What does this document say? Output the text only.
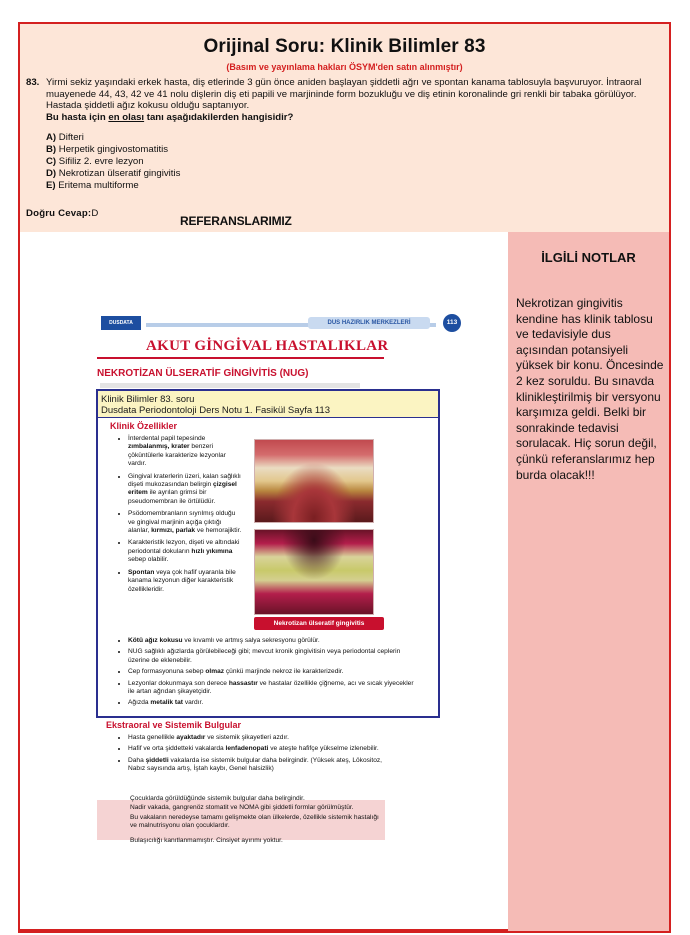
Orijinal Soru: Klinik Bilimler 83
(Basım ve yayınlama hakları ÖSYM'den satın alınmıştır)
83. Yirmi sekiz yaşındaki erkek hasta, diş etlerinde 3 gün önce aniden başlayan şiddetli ağrı ve spontan kanama tablosuyla başvuruyor. İntraoral muayenede 44, 43, 42 ve 41 nolu dişlerin diş eti papili ve marjininde form bozukluğu ve diş etinin koronalinde gri renkli bir tabaka görülüyor. Hastada şiddetli ağız kokusu olduğu saptanıyor.
Bu hasta için en olası tanı aşağıdakilerden hangisidir?
A) Difteri
B) Herpetik gingivostomatitis
C) Sifiliz 2. evre lezyon
D) Nekrotizan ülseratif gingivitis
E) Eritema multiforme
Doğru Cevap:D
İLGİLİ NOTLAR
Nekrotizan gingivitis kendine has klinik tablosu ve tedavisiyle dus açısından potansiyeli yüksek bir konu. Öncesinde 2 kez soruldu. Bu sınavda klinikleştirilmiş bir versyonu karşımıza geldi. Belki bir sonrakinde tedavisi sorulacak. Hiç sorun değil, çünkü referanslarımız hep burda olacak!!!
REFERANSLARIMIZ
DUSDATA	DUS HAZIRLIK MERKEZLERİ	113
AKUT GİNGİVAL HASTALIKLAR
NEKROTİZAN ÜLSERATİF GİNGİVİTİS (NUG)
Klinik Bilimler 83. soru
Dusdata Periodontoloji Ders Notu 1. Fasikül Sayfa 113
Klinik Özellikler
• İnterdental papil tepesinde zımbalanmış, krater benzeri çöküntülerle karakterize lezyonlar vardır.
• Gingival kraterlerin üzeri, kalan sağlıklı dişeti mukozasından belirgin çizgisel eritem ile ayrılan grimsi bir pseudomembran ile örtülüdür.
• Psödomembranların sıyrılmış olduğu ve gingival marjinin açığa çıktığı alanlar, kırmızı, parlak ve hemorajiktir.
• Karakteristik lezyon, dişeti ve altındaki periodontal dokuların hızlı yıkımına sebep olabilir.
• Spontan veya çok hafif uyaranla bile kanama lezyonun diğer karakteristik özellikleridir.
Nekrotizan ülseratif gingivitis
• Kötü ağız kokusu ve kıvamlı ve artmış salya sekresyonu görülür.
• NUG sağlıklı ağızlarda görülebileceği gibi; mevcut kronik gingivitisin veya periodontal ceplerin üzerine de eklenebilir.
• Cep formasyonuna sebep olmaz çünkü marjinde nekroz ile karakterizedir.
• Lezyonlar dokunmaya son derece hassastır ve hastalar özellikle çiğneme, acı ve sıcak yiyecekler ile artan ağrıdan şikayetçidir.
• Ağızda metalik tat vardır.
Ekstraoral ve Sistemik Bulgular
• Hasta genellikle ayaktadır ve sistemik şikayetleri azdır.
• Hafif ve orta şiddetteki vakalarda lenfadenopati ve ateşte hafifçe yükselme izlenebilir.
• Daha şiddetli vakalarda ise sistemik bulgular daha belirgindir. (Yüksek ateş, Lökositoz, Nabız sayısında artış, İştah kaybı, Genel halsizlik)

Çocuklarda görüldüğünde sistemik bulgular daha belirgindir.

Nadir vakada, gangrenöz stomatit ve NOMA gibi şiddetli formlar görülmüştür.

Bu vakaların neredeyse tamamı gelişmekte olan ülkelerde, özellikle sistemik hastalığı ve malnutrisyonu olan çocuklardır.

Bulaşıcılığı kanıtlanmamıştır. Cinsiyet ayırımı yoktur.
